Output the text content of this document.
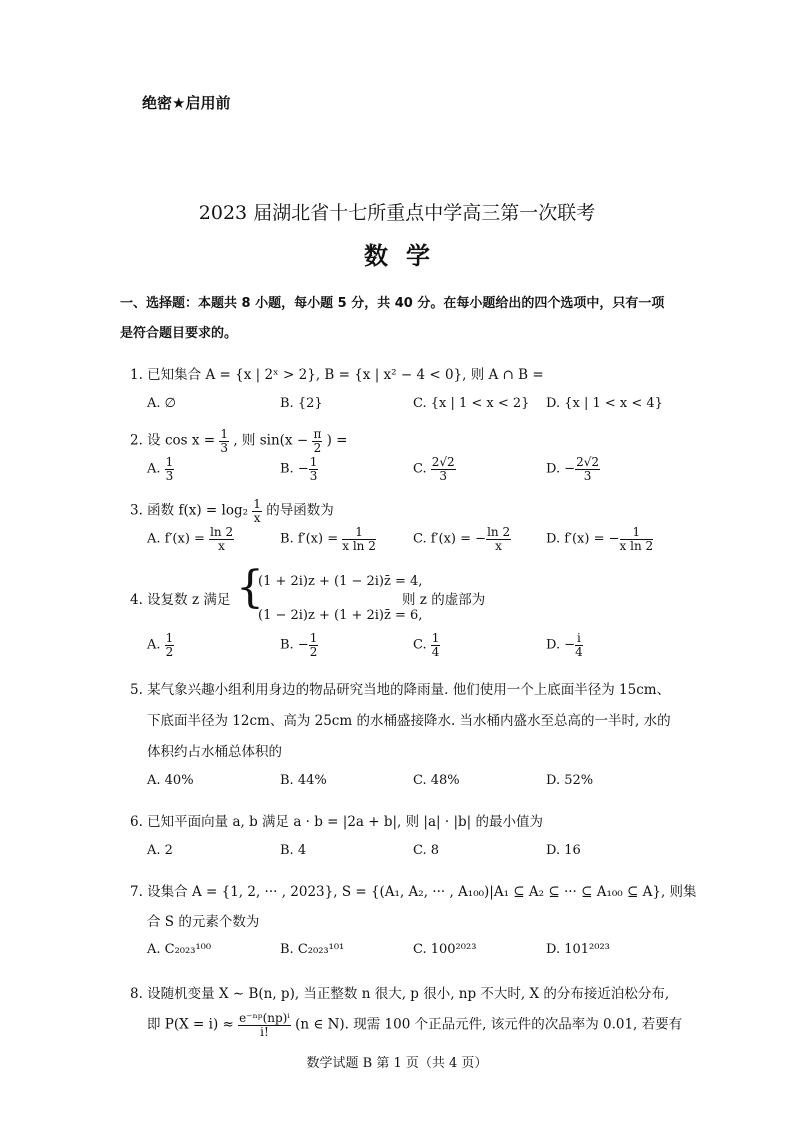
绝密★启用前
2023 届湖北省十七所重点中学高三第一次联考
数学
一、选择题：本题共 8 小题，每小题 5 分，共 40 分。在每小题给出的四个选项中，只有一项
是符合题目要求的。
1. 已知集合 A = {x | 2ˣ > 2}, B = {x | x² − 4 < 0}, 则 A ∩ B =
A. ∅	B. {2}	C. {x | 1 < x < 2} D. {x | 1 < x < 4}
2. 设 $\cos x = \frac{1}{3}$ , 则 $\sin(x - \frac{\pi}{2}$ ) =
A. $\frac{1}{3}$	B. − $\frac{1}{3}$	C. $\frac{2√2}{3}$	D. − $\frac{2√2}{3}$
3. 函数 $f(x) = \log_2 \frac{1}{x}$ 的导函数为
A. $f'(x) = \frac{\ln 2}{x}$	B. $f'(x) = \frac{1}{\text{x ln 2}}$	C. f′(x) = − $\frac{\ln 2}{x}$	D. f′(x) = − $\frac{1}{\text{x ln 2}}$
4. 设复数 z 满足 {
(1 + 2i)z + (1 − 2i)z̄ = 4,
(1 − 2i)z + (1 + 2i)z̄ = 6,
则 z 的虚部为
A. $\frac{1}{2}$	B. − $\frac{1}{2}$	C. $\frac{1}{4}$	D. − $\frac{i}{4}$
5. 某气象兴趣小组利用身边的物品研究当地的降雨量. 他们使用一个上底面半径为 15cm、
下底面半径为 12cm、高为 25cm 的水桶盛接降水. 当水桶内盛水至总高的一半时, 水的
体积约占水桶总体积的
A. 40%	B. 44%	C. 48%	D. 52%
6. 已知平面向量 a, b 满足 a · b = |2a + b|, 则 |a| · |b| 的最小值为
A. 2	B. 4	C. 8	D. 16
7. 设集合 A = {1, 2, ··· , 2023}, S = {(A₁, A₂, ··· , A₁₀₀)|A₁ ⊆ A₂ ⊆ ··· ⊆ A₁₀₀ ⊆ A}, 则集
合 S 的元素个数为
A. C₂₀₂₃¹⁰⁰	B. C₂₀₂₃¹⁰¹	C. 100²⁰²³	D. 101²⁰²³
8. 设随机变量 X ∼ B(n, p), 当正整数 n 很大, p 很小, np 不大时, X 的分布接近泊松分布,
即 $P(X = i) \approx \frac{\text{e⁻ⁿᵖ(np)ⁱ}}{i!} (n$ ∈ N). 现需 100 个正品元件, 该元件的次品率为 0.01, 若要有
数学试题 B 第 1 页（共 4 页）
